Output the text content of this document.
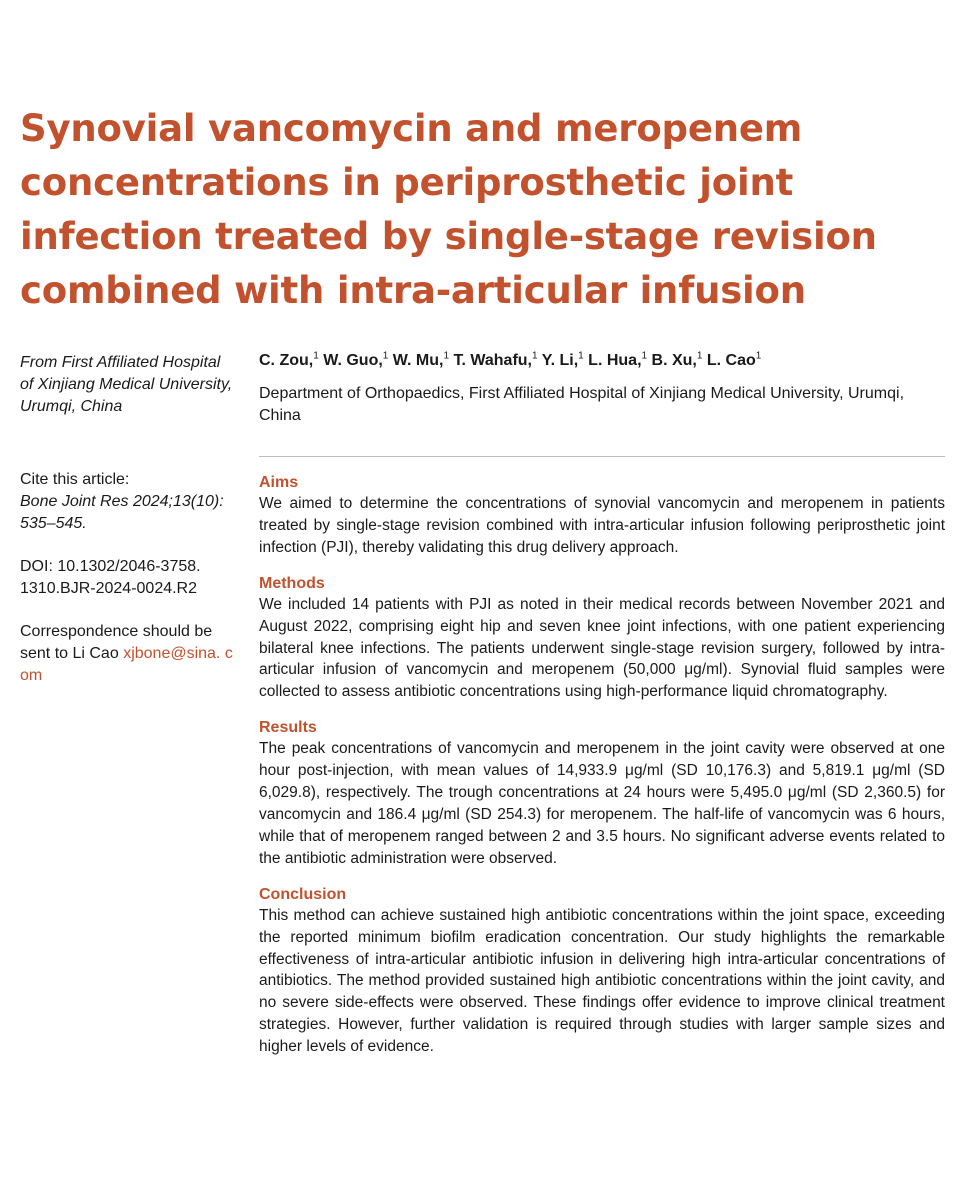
Synovial vancomycin and meropenem concentrations in periprosthetic joint infection treated by single-stage revision combined with intra-articular infusion

From First Affiliated Hospital of Xinjiang Medical University, Urumqi, China

Cite this article:
Bone Joint Res 2024;13(10): 535–545.
DOI: 10.1302/2046-3758. 1310.BJR-2024-0024.R2
Correspondence should be sent to Li Cao xjbone@sina. com
C. Zou,$^1$ W. Guo,$^1$ W. Mu,$^1$ T. Wahafu,$^1$ Y. Li,$^1$ L. Hua,$^1$ B. Xu,$^1$ L. Cao$^1$

Department of Orthopaedics, First Affiliated Hospital of Xinjiang Medical University, Urumqi, China

Aims

We aimed to determine the concentrations of synovial vancomycin and meropenem in patients treated by single-stage revision combined with intra-articular infusion following periprosthetic joint infection (PJI), thereby validating this drug delivery approach.

Methods

We included 14 patients with PJI as noted in their medical records between November 2021 and August 2022, comprising eight hip and seven knee joint infections, with one patient experiencing bilateral knee infections. The patients underwent single-stage revision surgery, followed by intra-articular infusion of vancomycin and meropenem (50,000 μg/ml). Synovial fluid samples were collected to assess antibiotic concentrations using high-performance liquid chromatography.

Results

The peak concentrations of vancomycin and meropenem in the joint cavity were observed at one hour post-injection, with mean values of 14,933.9 μg/ml (SD 10,176.3) and 5,819.1 μg/ml (SD 6,029.8), respectively. The trough concentrations at 24 hours were 5,495.0 μg/ml (SD 2,360.5) for vancomycin and 186.4 μg/ml (SD 254.3) for meropenem. The half-life of vancomycin was 6 hours, while that of meropenem ranged between 2 and 3.5 hours. No significant adverse events related to the antibiotic administration were observed.

Conclusion

This method can achieve sustained high antibiotic concentrations within the joint space, exceeding the reported minimum biofilm eradication concentration. Our study highlights the remarkable effectiveness of intra-articular antibiotic infusion in delivering high intra-articular concentrations of antibiotics. The method provided sustained high antibiotic concentrations within the joint cavity, and no severe side-effects were observed. These findings offer evidence to improve clinical treatment strategies. However, further validation is required through studies with larger sample sizes and higher levels of evidence.
